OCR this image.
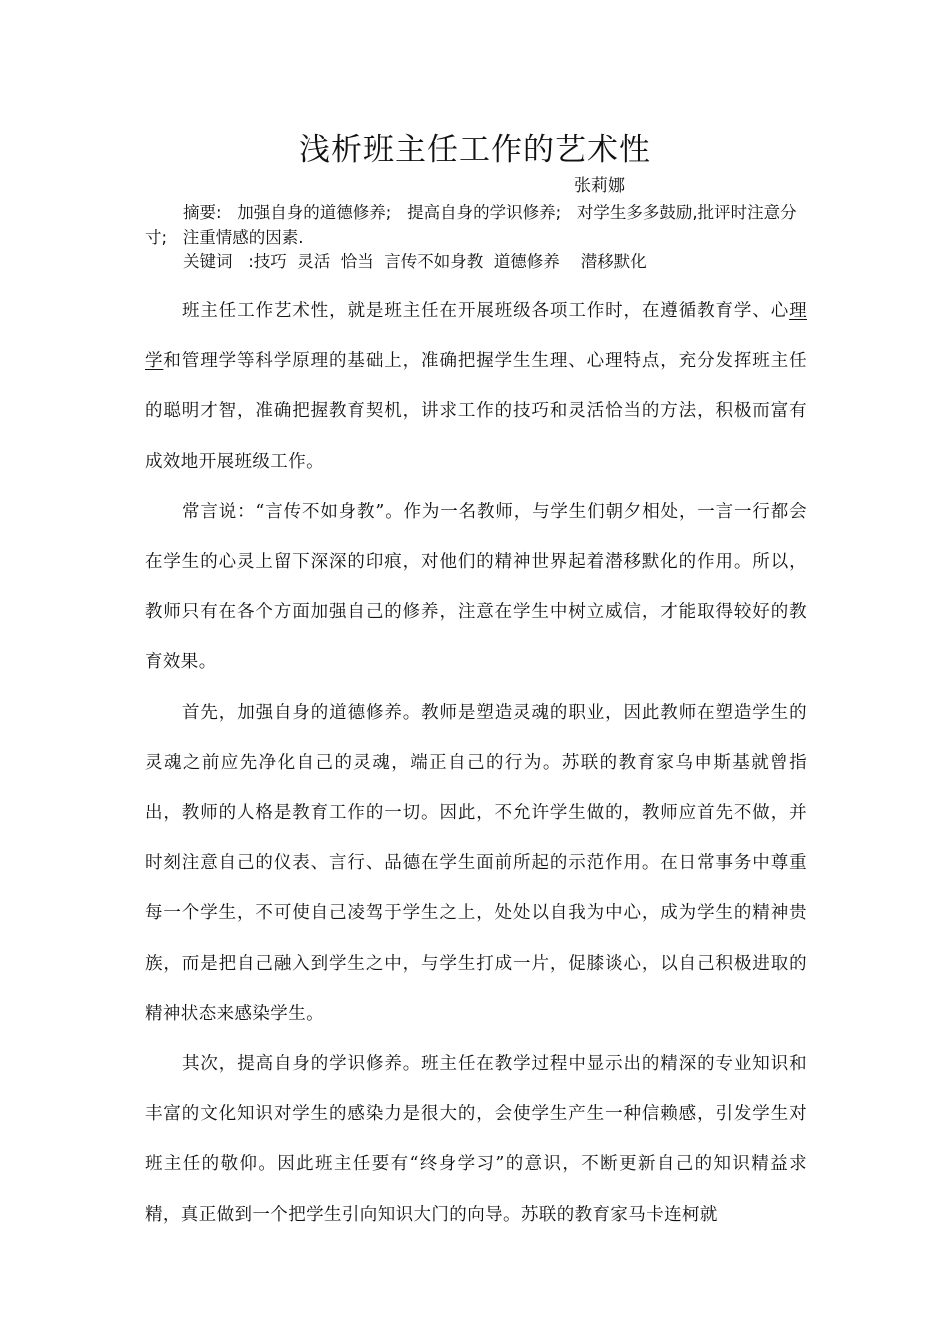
浅析班主任工作的艺术性
张莉娜
摘要:   加强自身的道德修养;   提高自身的学识修养;   对学生多多鼓励,批评时注意分寸;   注重情感的因素.
关键词   :技巧  灵活  恰当  言传不如身教  道德修养    潜移默化

班主任工作艺术性，就是班主任在开展班级各项工作时，在遵循教育学、心理学和管理学等科学原理的基础上，准确把握学生生理、心理特点，充分发挥班主任的聪明才智，准确把握教育契机，讲求工作的技巧和灵活恰当的方法，积极而富有成效地开展班级工作。

常言说：“言传不如身教”。作为一名教师，与学生们朝夕相处，一言一行都会在学生的心灵上留下深深的印痕，对他们的精神世界起着潜移默化的作用。所以，教师只有在各个方面加强自己的修养，注意在学生中树立威信，才能取得较好的教育效果。

首先，加强自身的道德修养。教师是塑造灵魂的职业，因此教师在塑造学生的灵魂之前应先净化自己的灵魂，端正自己的行为。苏联的教育家乌申斯基就曾指出，教师的人格是教育工作的一切。因此，不允许学生做的，教师应首先不做，并时刻注意自己的仪表、言行、品德在学生面前所起的示范作用。在日常事务中尊重每一个学生，不可使自己凌驾于学生之上，处处以自我为中心，成为学生的精神贵族，而是把自己融入到学生之中，与学生打成一片，促膝谈心，以自己积极进取的精神状态来感染学生。

其次，提高自身的学识修养。班主任在教学过程中显示出的精深的专业知识和丰富的文化知识对学生的感染力是很大的，会使学生产生一种信赖感，引发学生对班主任的敬仰。因此班主任要有“终身学习”的意识，不断更新自己的知识精益求精，真正做到一个把学生引向知识大门的向导。苏联的教育家马卡连柯就
